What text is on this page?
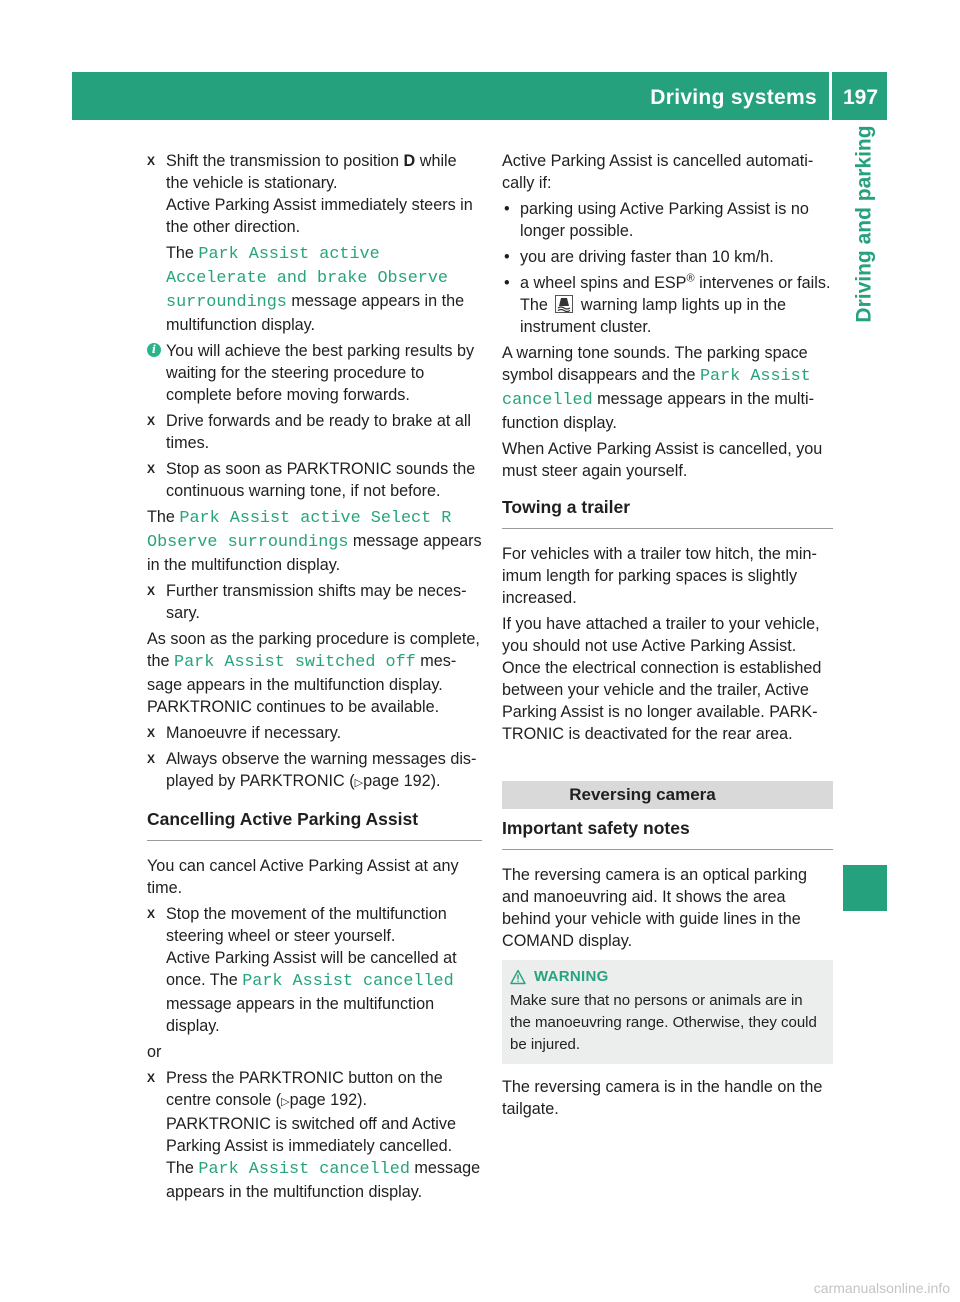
Driving systems 197
Driving and parking
X Shift the transmission to position D while the vehicle is stationary.

Active Parking Assist immediately steers in the other direction.

The Park Assist active Accelerate and brake Observe surroundings message appears in the multifunction display.

i You will achieve the best parking results by waiting for the steering procedure to complete before moving forwards.
X Drive forwards and be ready to brake at all times.
X Stop as soon as PARKTRONIC sounds the continuous warning tone, if not before.

The Park Assist active Select R Observe surroundings message appears in the multifunction display.

X Further transmission shifts may be necessary.

As soon as the parking procedure is complete, the Park Assist switched off message appears in the multifunction display.

PARKTRONIC continues to be available.

X Manoeuvre if necessary.
X Always observe the warning messages displayed by PARKTRONIC (▷page 192).
Cancelling Active Parking Assist

You can cancel Active Parking Assist at any time.

X Stop the movement of the multifunction steering wheel or steer yourself.

Active Parking Assist will be cancelled at once. The Park Assist cancelled message appears in the multifunction display.

or

X Press the PARKTRONIC button on the centre console (▷page 192).

PARKTRONIC is switched off and Active Parking Assist is immediately cancelled.

The Park Assist cancelled message appears in the multifunction display.

Active Parking Assist is cancelled automatically if:

• parking using Active Parking Assist is no longer possible.
• you are driving faster than 10 km/h.
• a wheel spins and ESP® intervenes or fails. The  warning lamp lights up in the instrument cluster.

A warning tone sounds. The parking space symbol disappears and the Park Assist cancelled message appears in the multifunction display.

When Active Parking Assist is cancelled, you must steer again yourself.

Towing a trailer

For vehicles with a trailer tow hitch, the minimum length for parking spaces is slightly increased.

If you have attached a trailer to your vehicle, you should not use Active Parking Assist. Once the electrical connection is established between your vehicle and the trailer, Active Parking Assist is no longer available. PARKTRONIC is deactivated for the rear area.

Reversing camera
Important safety notes

The reversing camera is an optical parking and manoeuvring aid. It shows the area behind your vehicle with guide lines in the COMAND display.

WARNING
Make sure that no persons or animals are in the manoeuvring range. Otherwise, they could be injured.

The reversing camera is in the handle on the tailgate.

carmanualsonline.info
